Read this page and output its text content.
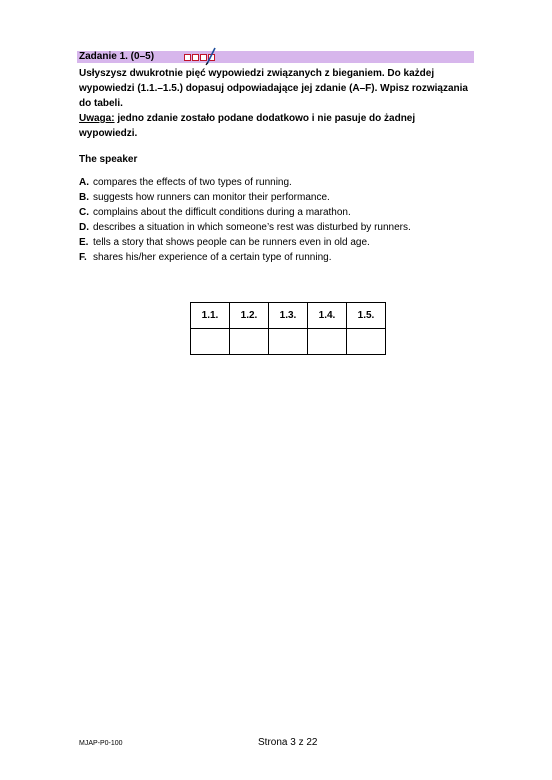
Zadanie 1. (0–5)

Usłyszysz dwukrotnie pięć wypowiedzi związanych z bieganiem. Do każdej wypowiedzi (1.1.–1.5.) dopasuj odpowiadające jej zdanie (A–F). Wpisz rozwiązania do tabeli.

Uwaga: jedno zdanie zostało podane dodatkowo i nie pasuje do żadnej wypowiedzi.

The speaker
A. compares the effects of two types of running.
B. suggests how runners can monitor their performance.
C. complains about the difficult conditions during a marathon.
D. describes a situation in which someone’s rest was disturbed by runners.
E. tells a story that shows people can be runners even in old age.
F. shares his/her experience of a certain type of running.
1.1.	1.2.	1.3.	1.4.	1.5.

MJAP-P0-100	Strona 3 z 22
